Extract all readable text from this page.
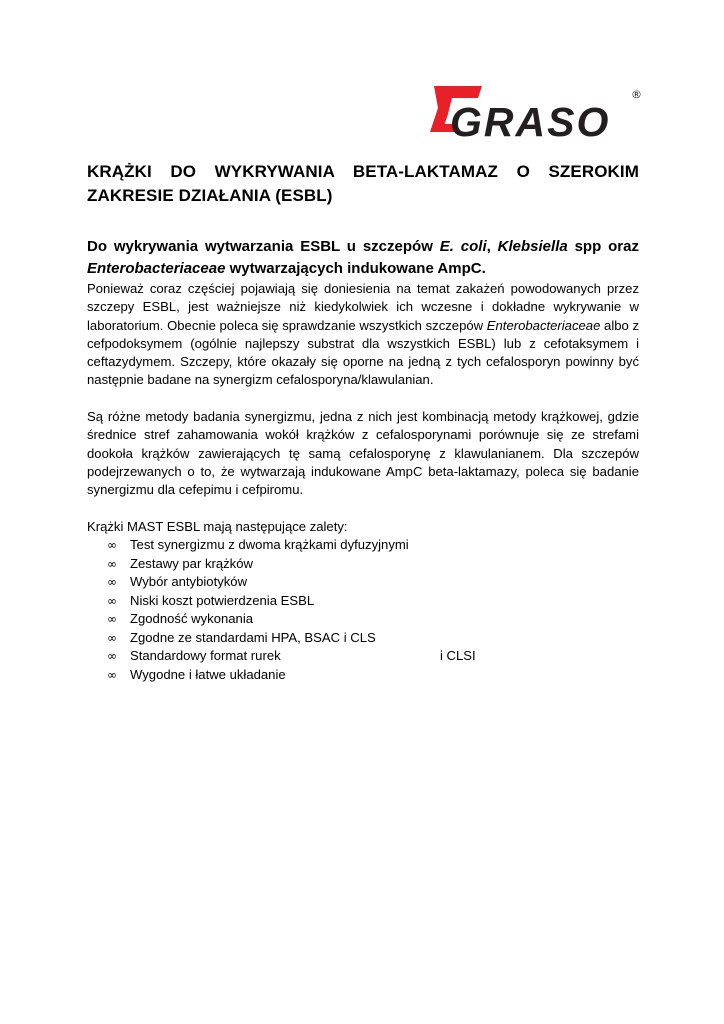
GRASO
®
KRĄŻKI DO WYKRYWANIA BETA-LAKTAMAZ O SZEROKIM ZAKRESIE DZIAŁANIA (ESBL)

Do wykrywania wytwarzania ESBL u szczepów E. coli, Klebsiella spp oraz Enterobacteriaceae wytwarzających indukowane AmpC.

Ponieważ coraz częściej pojawiają się doniesienia na temat zakażeń powodowanych przez szczepy ESBL, jest ważniejsze niż kiedykolwiek ich wczesne i dokładne wykrywanie w laboratorium. Obecnie poleca się sprawdzanie wszystkich szczepów Enterobacteriaceae albo z cefpodoksymem (ogólnie najlepszy substrat dla wszystkich ESBL) lub z cefotaksymem i ceftazydymem. Szczepy, które okazały się oporne na jedną z tych cefalosporyn powinny być następnie badane na synergizm cefalosporyna/klawulanian.

Są różne metody badania synergizmu, jedna z nich jest kombinacją metody krążkowej, gdzie średnice stref zahamowania wokół krążków z cefalosporynami porównuje się ze strefami dookoła krążków zawierających tę samą cefalosporynę z klawulanianem. Dla szczepów podejrzewanych o to, że wytwarzają indukowane AmpC beta-laktamazy, poleca się badanie synergizmu dla cefepimu i cefpiromu.

Krążki MAST ESBL mają następujące zalety:

∞ Test synergizmu z dwoma krążkami dyfuzyjnymi
∞ Zestawy par krążków
∞ Wybór antybiotyków
∞ Niski koszt potwierdzenia ESBL
∞ Zgodność wykonania
∞ Zgodne ze standardami HPA, BSAC i CLS
∞ Standardowy format rurek	i CLSI
∞ Wygodne i łatwe układanie
